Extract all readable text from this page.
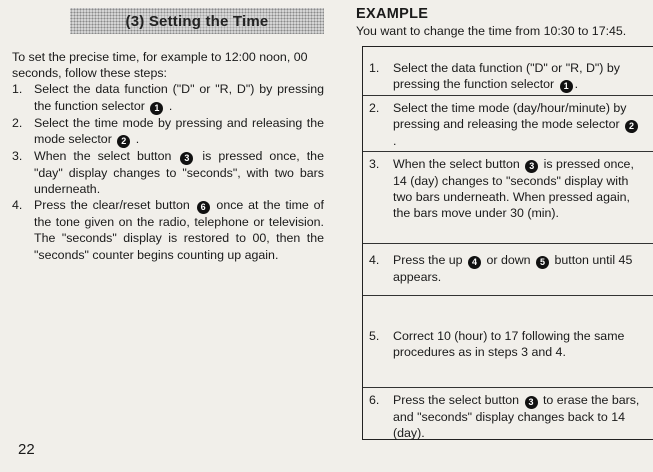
(3) Setting the Time
To set the precise time, for example to 12:00 noon, 00 seconds, follow these steps:
1. Select the data function ("D" or "R, D") by pressing the function selector 1 .
2. Select the time mode by pressing and releasing the mode selector 2 .
3. When the select button 3 is pressed once, the "day" display changes to "seconds", with two bars underneath.
4. Press the clear/reset button 6 once at the time of the tone given on the radio, telephone or television. The "seconds" display is restored to 00, then the "seconds" counter begins counting up again.
22
EXAMPLE
You want to change the time from 10:30 to 17:45.
1.	Select the data function ("D" or "R, D") by pressing the function selector 1 .
2.	Select the time mode (day/hour/minute) by pressing and releasing the mode selector 2 .
3.	When the select button 3 is pressed once, 14 (day) changes to "seconds" display with two bars underneath. When pressed again, the bars move under 30 (min).
4.	Press the up 4 or down 5 button until 45 appears.
5.	Correct 10 (hour) to 17 following the same procedures as in steps 3 and 4.
6.	Press the select button 3 to erase the bars, and "seconds" display changes back to 14 (day).
